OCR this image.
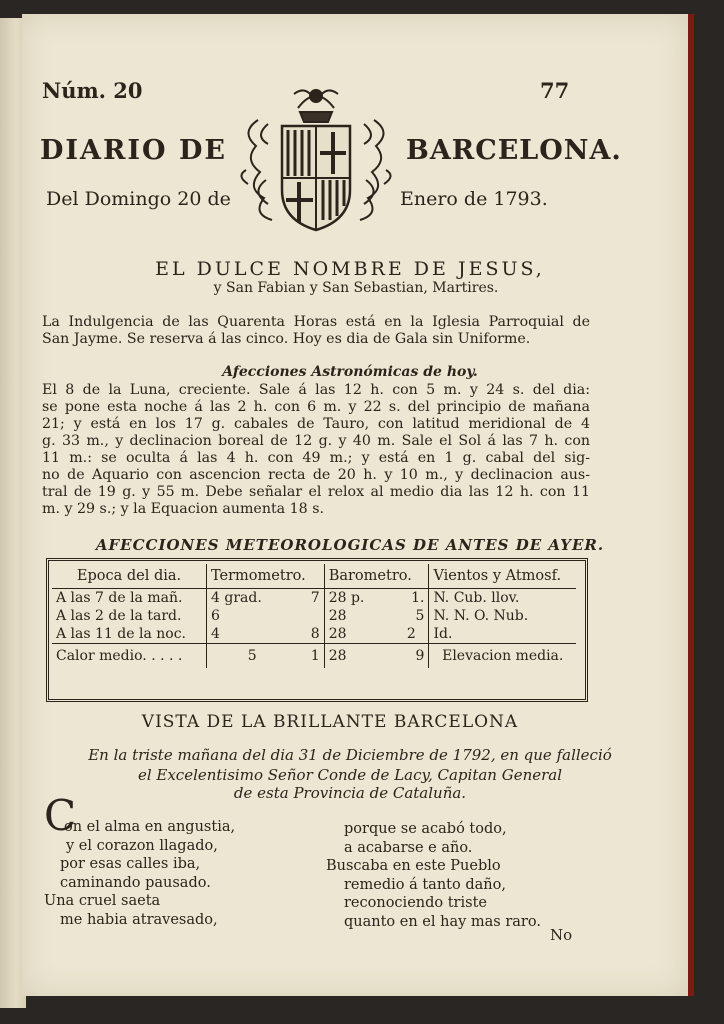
Núm. 20	77
DIARIO DE	BARCELONA.
Del Domingo 20 de	Enero de 1793.
EL DULCE NOMBRE DE JESUS,
y San Fabian y San Sebastian, Martires.
La Indulgencia de las Quarenta Horas está en la Iglesia Parroquial de
San Jayme. Se reserva á las cinco. Hoy es dia de Gala sin Uniforme.
Afecciones Astronómicas de hoy.
El 8 de la Luna, creciente. Sale á las 12 h. con 5 m. y 24 s. del dia:
se pone esta noche á las 2 h. con 6 m. y 22 s. del principio de mañana
21; y está en los 17 g. cabales de Tauro, con latitud meridional de 4
g. 33 m., y declinacion boreal de 12 g. y 40 m. Sale el Sol á las 7 h. con
11 m.: se oculta á las 4 h. con 49 m.; y está en 1 g. cabal del sig-
no de Aquario con ascencion recta de 20 h. y 10 m., y declinacion aus-
tral de 19 g. y 55 m. Debe señalar el relox al medio dia las 12 h. con 11
m. y 29 s.; y la Equacion aumenta 18 s.
AFECCIONES METEOROLOGICAS DE ANTES DE AYER.
Epoca del dia.	Termometro.		Barometro.		Vientos y Atmosf.
A las 7 de la mañ.	4 grad.	7	28 p.	1.	N. Cub. llov.
A las 2 de la tard.	6		28	5	N. N. O. Nub.
A las 11 de la noc.	4	8	28	2	Id.
Calor medio. . . . .	5	1	28	9	Elevacion media.
VISTA DE LA BRILLANTE BARCELONA
En la triste mañana del dia 31 de Diciembre de 1792, en que falleció
el Excelentisimo Señor Conde de Lacy, Capitan General
de esta Provincia de Cataluña.
C
on el alma en angustia,
y el corazon llagado,
por esas calles iba,
caminando pausado.
Una cruel saeta
me habia atravesado,
porque se acabó todo,
a acabarse e año.
Buscaba en este Pueblo
remedio á tanto daño,
reconociendo triste
quanto en el hay mas raro.
No
